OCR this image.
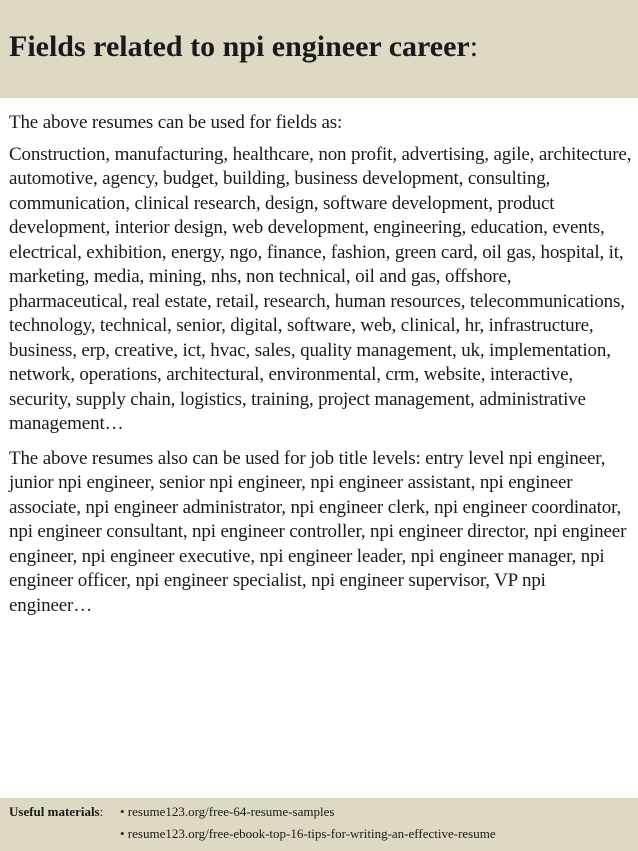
Fields related to npi engineer career:

The above resumes can be used for fields as:

Construction, manufacturing, healthcare, non profit, advertising, agile, architecture, automotive, agency, budget, building, business development, consulting, communication, clinical research, design, software development, product development, interior design, web development, engineering, education, events, electrical, exhibition, energy, ngo, finance, fashion, green card, oil gas, hospital, it, marketing, media, mining, nhs, non technical, oil and gas, offshore, pharmaceutical, real estate, retail, research, human resources, telecommunications, technology, technical, senior, digital, software, web, clinical, hr, infrastructure, business, erp, creative, ict, hvac, sales, quality management, uk, implementation, network, operations, architectural, environmental, crm, website, interactive, security, supply chain, logistics, training, project management, administrative management…

The above resumes also can be used for job title levels: entry level npi engineer, junior npi engineer, senior npi engineer, npi engineer assistant, npi engineer associate, npi engineer administrator, npi engineer clerk, npi engineer coordinator, npi engineer consultant, npi engineer controller, npi engineer director, npi engineer engineer, npi engineer executive, npi engineer leader, npi engineer manager, npi engineer officer, npi engineer specialist, npi engineer supervisor, VP npi engineer…

Useful materials: • resume123.org/free-64-resume-samples
• resume123.org/free-ebook-top-16-tips-for-writing-an-effective-resume
